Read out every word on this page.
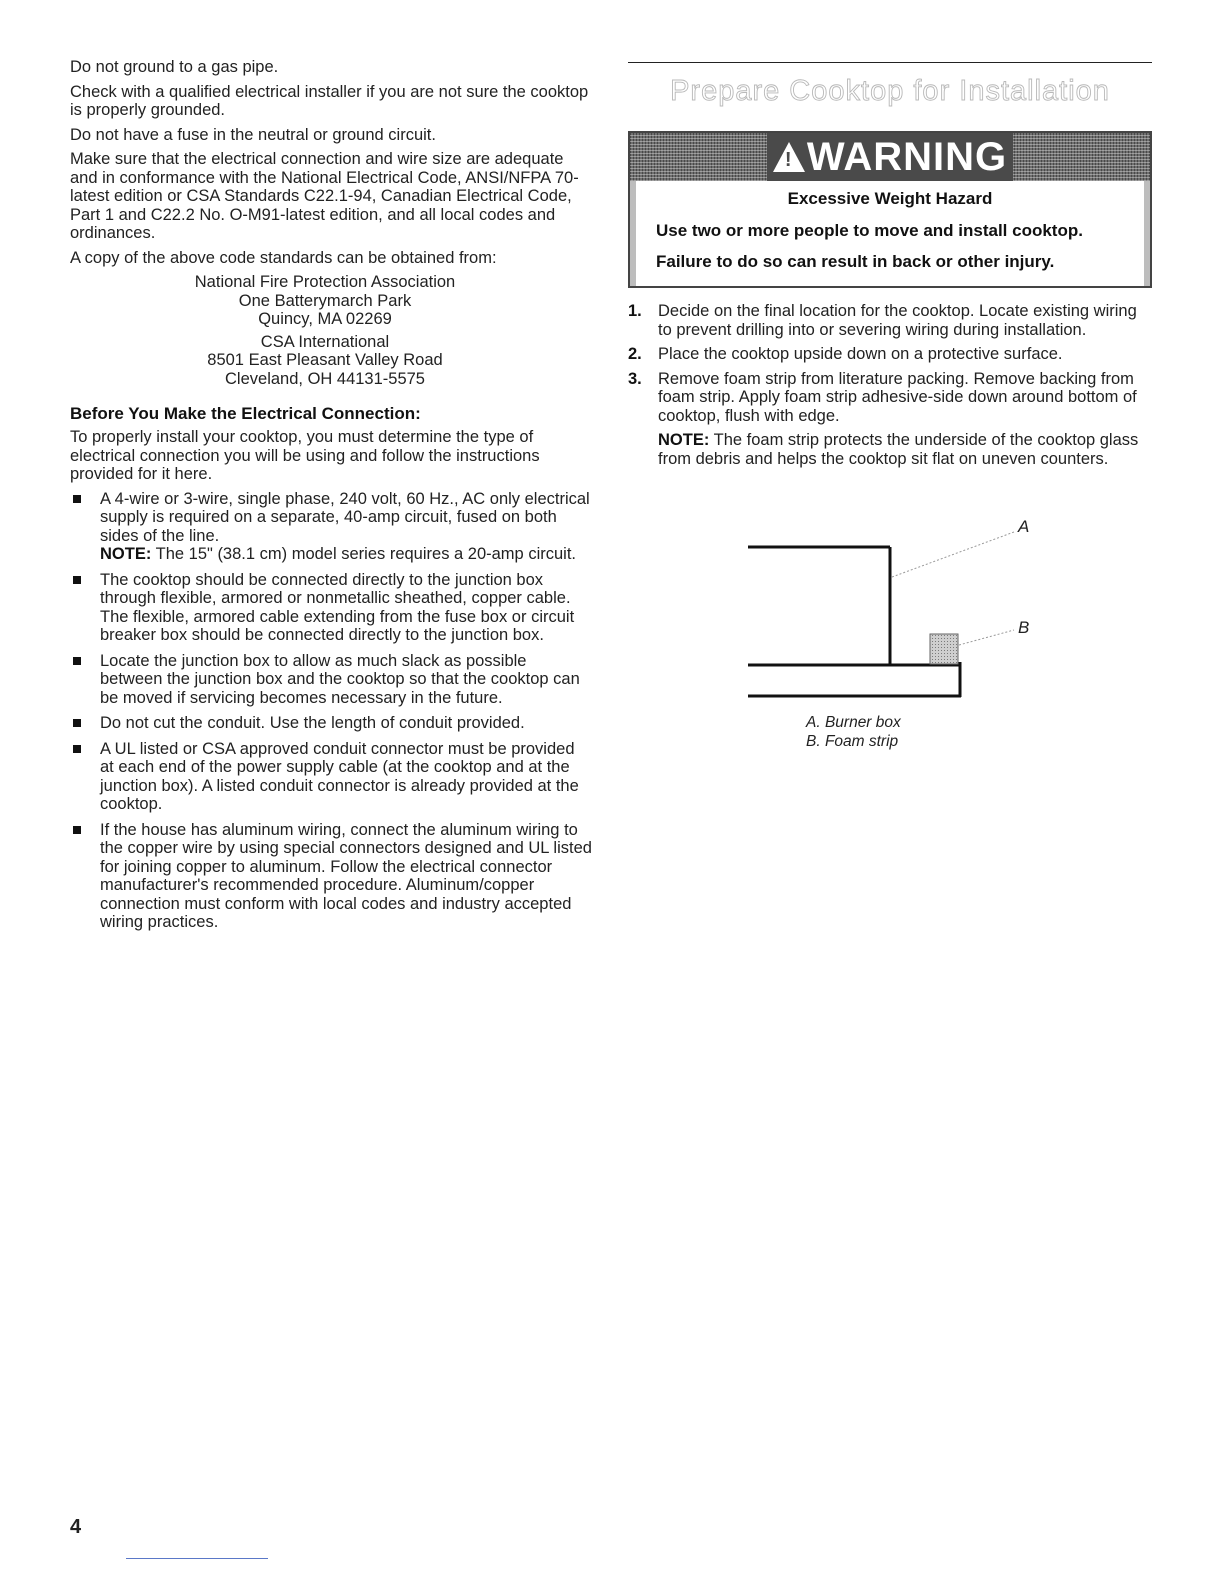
Do not ground to a gas pipe.

Check with a qualified electrical installer if you are not sure the cooktop is properly grounded.

Do not have a fuse in the neutral or ground circuit.

Make sure that the electrical connection and wire size are adequate and in conformance with the National Electrical Code, ANSI/NFPA 70-latest edition or CSA Standards C22.1-94, Canadian Electrical Code, Part 1 and C22.2 No. O-M91-latest edition, and all local codes and ordinances.

A copy of the above code standards can be obtained from:

National Fire Protection Association

One Batterymarch Park

Quincy, MA 02269

CSA International

8501 East Pleasant Valley Road

Cleveland, OH 44131-5575

Before You Make the Electrical Connection:

To properly install your cooktop, you must determine the type of electrical connection you will be using and follow the instructions provided for it here.

A 4-wire or 3-wire, single phase, 240 volt, 60 Hz., AC only electrical supply is required on a separate, 40-amp circuit, fused on both sides of the line.
NOTE: The 15" (38.1 cm) model series requires a 20-amp circuit.
The cooktop should be connected directly to the junction box through flexible, armored or nonmetallic sheathed, copper cable. The flexible, armored cable extending from the fuse box or circuit breaker box should be connected directly to the junction box.
Locate the junction box to allow as much slack as possible between the junction box and the cooktop so that the cooktop can be moved if servicing becomes necessary in the future.
Do not cut the conduit. Use the length of conduit provided.
A UL listed or CSA approved conduit connector must be provided at each end of the power supply cable (at the cooktop and at the junction box). A listed conduit connector is already provided at the cooktop.
If the house has aluminum wiring, connect the aluminum wiring to the copper wire by using special connectors designed and UL listed for joining copper to aluminum. Follow the electrical connector manufacturer's recommended procedure. Aluminum/copper connection must conform with local codes and industry accepted wiring practices.
Prepare Cooktop for Installation
! WARNING

Excessive Weight Hazard

Use two or more people to move and install cooktop.

Failure to do so can result in back or other injury.

1. Decide on the final location for the cooktop. Locate existing wiring to prevent drilling into or severing wiring during installation.
2. Place the cooktop upside down on a protective surface.
3. Remove foam strip from literature packing. Remove backing from foam strip. Apply foam strip adhesive-side down around bottom of cooktop, flush with edge.
NOTE: The foam strip protects the underside of the cooktop glass from debris and helps the cooktop sit flat on uneven counters.
A
B
A. Burner box
B. Foam strip
4
